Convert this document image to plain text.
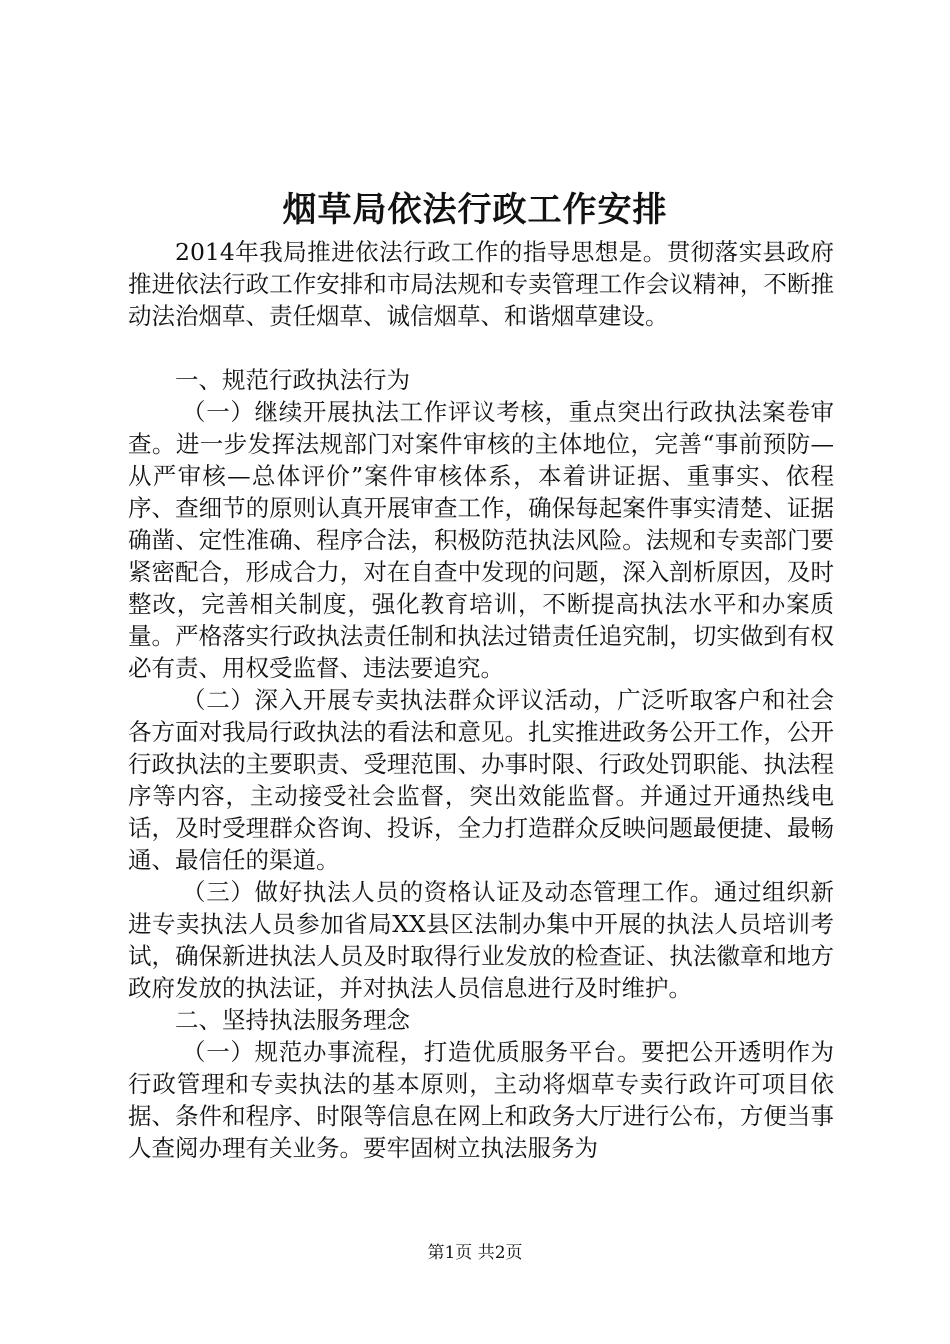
烟草局依法行政工作安排

2014年我局推进依法行政工作的指导思想是。贯彻落实县政府推进依法行政工作安排和市局法规和专卖管理工作会议精神，不断推动法治烟草、责任烟草、诚信烟草、和谐烟草建设。

一、规范行政执法行为

（一）继续开展执法工作评议考核，重点突出行政执法案卷审查。进一步发挥法规部门对案件审核的主体地位，完善“事前预防—从严审核—总体评价”案件审核体系，本着讲证据、重事实、依程序、查细节的原则认真开展审查工作，确保每起案件事实清楚、证据确凿、定性准确、程序合法，积极防范执法风险。法规和专卖部门要紧密配合，形成合力，对在自查中发现的问题，深入剖析原因，及时整改，完善相关制度，强化教育培训，不断提高执法水平和办案质量。严格落实行政执法责任制和执法过错责任追究制，切实做到有权必有责、用权受监督、违法要追究。

（二）深入开展专卖执法群众评议活动，广泛听取客户和社会各方面对我局行政执法的看法和意见。扎实推进政务公开工作，公开行政执法的主要职责、受理范围、办事时限、行政处罚职能、执法程序等内容，主动接受社会监督，突出效能监督。并通过开通热线电话，及时受理群众咨询、投诉，全力打造群众反映问题最便捷、最畅通、最信任的渠道。

（三）做好执法人员的资格认证及动态管理工作。通过组织新进专卖执法人员参加省局XX县区法制办集中开展的执法人员培训考试，确保新进执法人员及时取得行业发放的检查证、执法徽章和地方政府发放的执法证，并对执法人员信息进行及时维护。

二、坚持执法服务理念

（一）规范办事流程，打造优质服务平台。要把公开透明作为行政管理和专卖执法的基本原则，主动将烟草专卖行政许可项目依据、条件和程序、时限等信息在网上和政务大厅进行公布，方便当事人查阅办理有关业务。要牢固树立执法服务为

第1页 共2页
